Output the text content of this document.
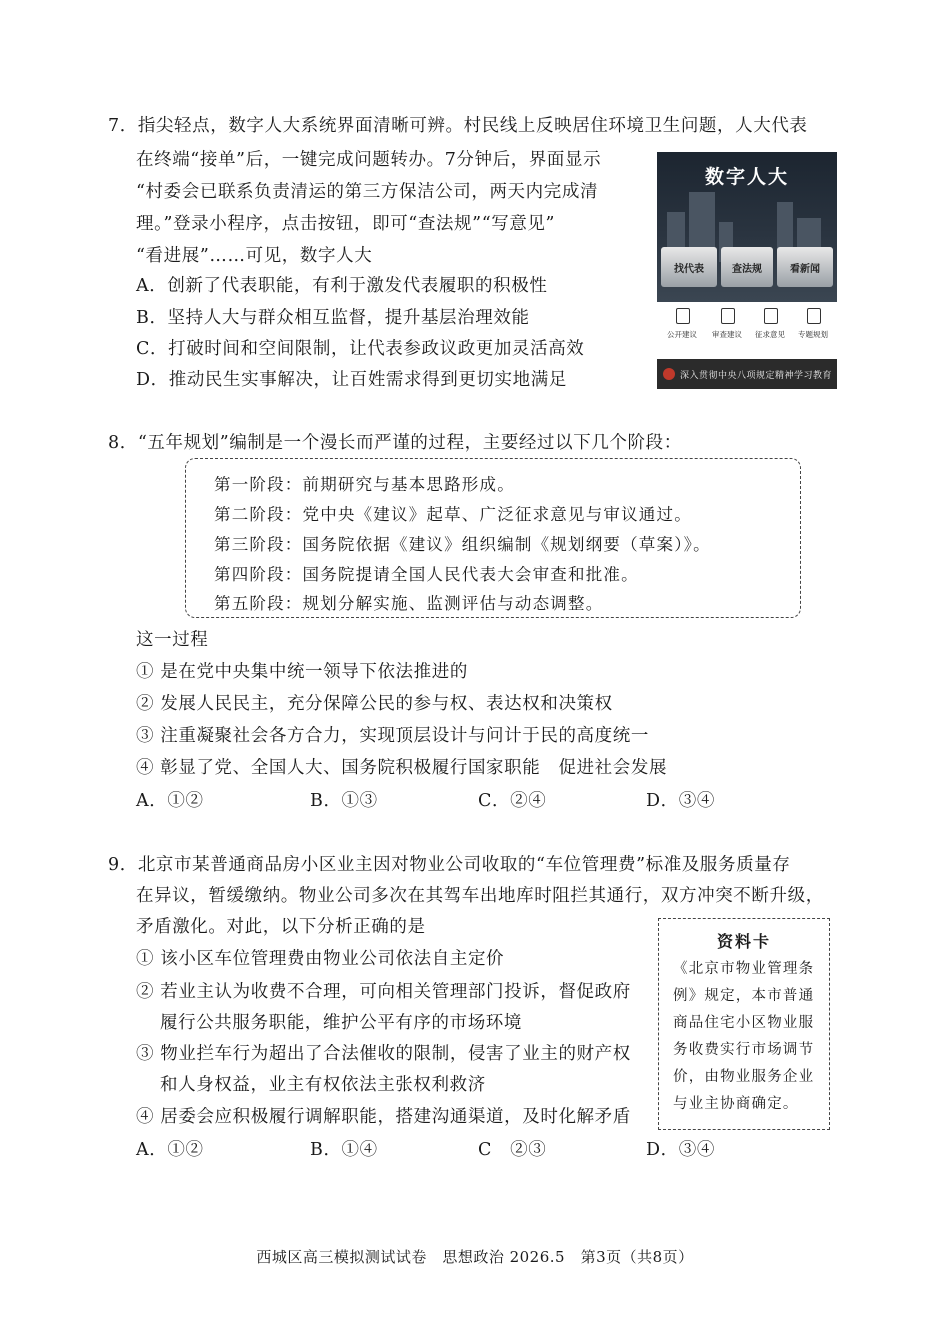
7．指尖轻点，数字人大系统界面清晰可辨。村民线上反映居住环境卫生问题，人大代表
在终端“接单”后，一键完成问题转办。7分钟后，界面显示
“村委会已联系负责清运的第三方保洁公司，两天内完成清
理。”登录小程序，点击按钮，即可“查法规”“写意见”
“看进展”……可见，数字人大
A．创新了代表职能，有利于激发代表履职的积极性
B．坚持人大与群众相互监督，提升基层治理效能
C．打破时间和空间限制，让代表参政议政更加灵活高效
D．推动民生实事解决，让百姓需求得到更切实地满足
数字人大
找代表	查法规	看新闻
公开建议	审查建议	征求意见	专题规划
深入贯彻中央八项规定精神学习教育
8．“五年规划”编制是一个漫长而严谨的过程，主要经过以下几个阶段：
第一阶段：前期研究与基本思路形成。
第二阶段：党中央《建议》起草、广泛征求意见与审议通过。
第三阶段：国务院依据《建议》组织编制《规划纲要（草案）》。
第四阶段：国务院提请全国人民代表大会审查和批准。
第五阶段：规划分解实施、监测评估与动态调整。
这一过程
① 是在党中央集中统一领导下依法推进的
② 发展人民民主，充分保障公民的参与权、表达权和决策权
③ 注重凝聚社会各方合力，实现顶层设计与问计于民的高度统一
④ 彰显了党、全国人大、国务院积极履行国家职能　促进社会发展
A．①②	B．①③	C．②④	D．③④
9．北京市某普通商品房小区业主因对物业公司收取的“车位管理费”标准及服务质量存
在异议，暂缓缴纳。物业公司多次在其驾车出地库时阻拦其通行，双方冲突不断升级，
矛盾激化。对此，以下分析正确的是
① 该小区车位管理费由物业公司依法自主定价
② 若业主认为收费不合理，可向相关管理部门投诉，督促政府
履行公共服务职能，维护公平有序的市场环境
③ 物业拦车行为超出了合法催收的限制，侵害了业主的财产权
和人身权益，业主有权依法主张权利救济
④ 居委会应积极履行调解职能，搭建沟通渠道，及时化解矛盾
A．①②	B．①④	C　②③	D．③④
资料卡
《北京市物业管理条
例》规定，本市普通
商品住宅小区物业服
务收费实行市场调节
价，由物业服务企业
与业主协商确定。
西城区高三模拟测试试卷　思想政治 2026.5　第3页（共8页）
